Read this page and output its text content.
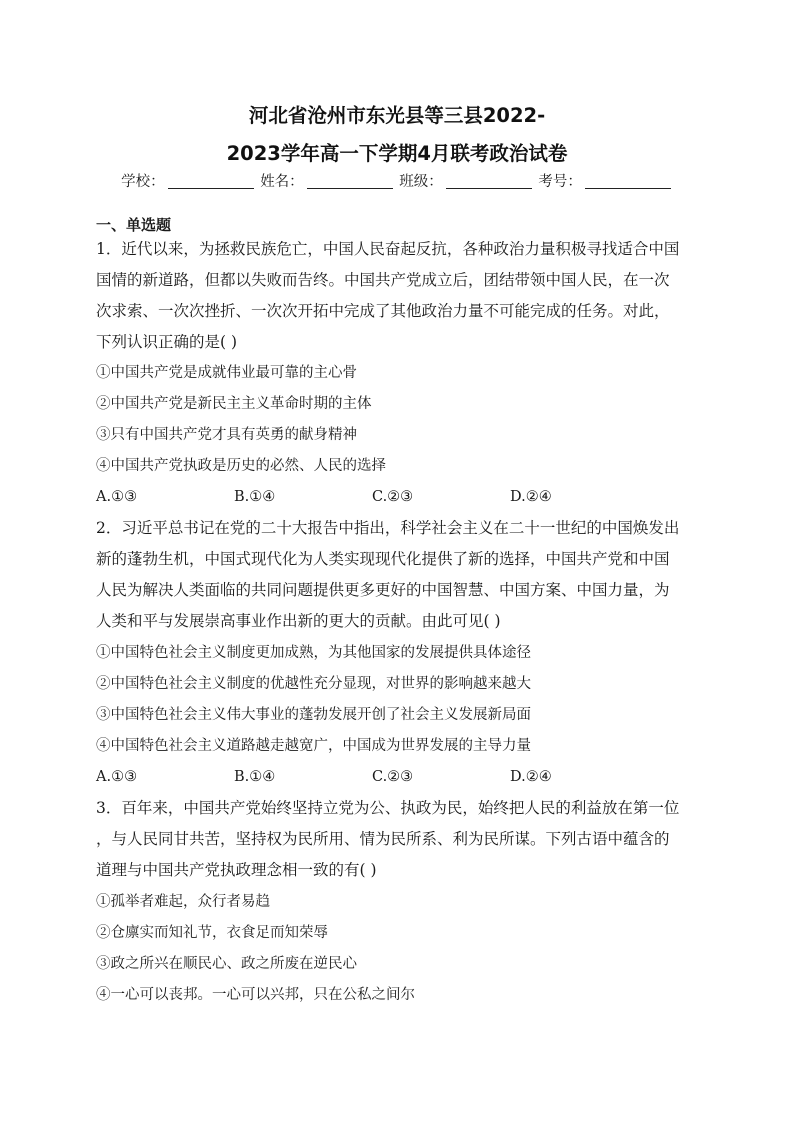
河北省沧州市东光县等三县2022-
2023学年高一下学期4月联考政治试卷
学校：	姓名：	班级：	考号：
一、单选题
1．近代以来，为拯救民族危亡，中国人民奋起反抗，各种政治力量积极寻找适合中国
国情的新道路，但都以失败而告终。中国共产党成立后，团结带领中国人民，在一次
次求索、一次次挫折、一次次开拓中完成了其他政治力量不可能完成的任务。对此，
下列认识正确的是( )
①中国共产党是成就伟业最可靠的主心骨
②中国共产党是新民主主义革命时期的主体
③只有中国共产党才具有英勇的献身精神
④中国共产党执政是历史的必然、人民的选择
A.①③	B.①④	C.②③	D.②④
2．习近平总书记在党的二十大报告中指出，科学社会主义在二十一世纪的中国焕发出
新的蓬勃生机，中国式现代化为人类实现现代化提供了新的选择，中国共产党和中国
人民为解决人类面临的共同问题提供更多更好的中国智慧、中国方案、中国力量，为
人类和平与发展崇高事业作出新的更大的贡献。由此可见( )
①中国特色社会主义制度更加成熟，为其他国家的发展提供具体途径
②中国特色社会主义制度的优越性充分显现，对世界的影响越来越大
③中国特色社会主义伟大事业的蓬勃发展开创了社会主义发展新局面
④中国特色社会主义道路越走越宽广，中国成为世界发展的主导力量
A.①③	B.①④	C.②③	D.②④
3．百年来，中国共产党始终坚持立党为公、执政为民，始终把人民的利益放在第一位
，与人民同甘共苦，坚持权为民所用、情为民所系、利为民所谋。下列古语中蕴含的
道理与中国共产党执政理念相一致的有( )
①孤举者难起，众行者易趋
②仓廪实而知礼节，衣食足而知荣辱
③政之所兴在顺民心、政之所废在逆民心
④一心可以丧邦。一心可以兴邦，只在公私之间尔
